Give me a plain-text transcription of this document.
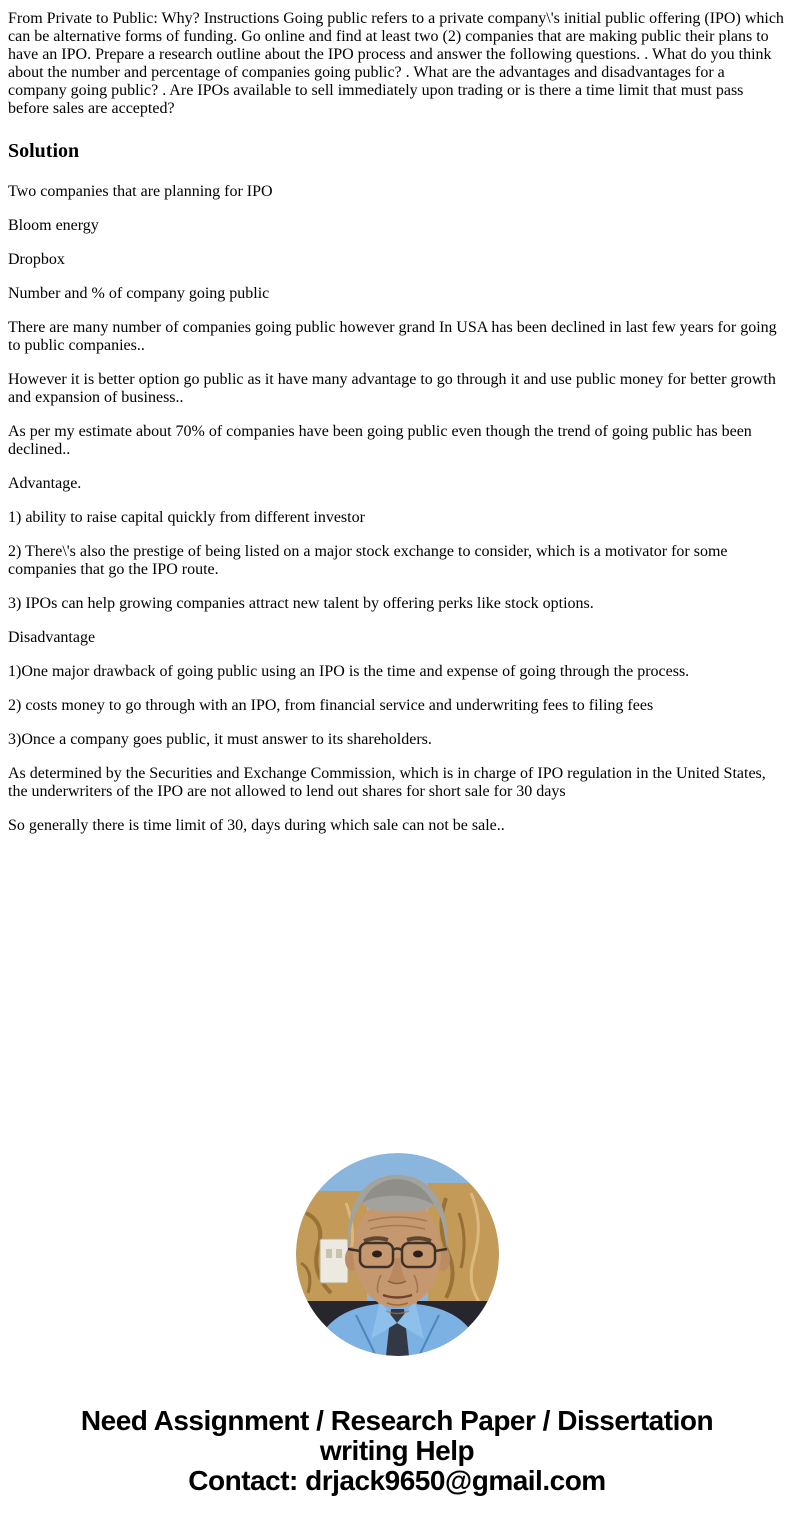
From Private to Public: Why? Instructions Going public refers to a private company\'s initial public offering (IPO) which can be alternative forms of funding. Go online and find at least two (2) companies that are making public their plans to have an IPO. Prepare a research outline about the IPO process and answer the following questions. . What do you think about the number and percentage of companies going public? . What are the advantages and disadvantages for a company going public? . Are IPOs available to sell immediately upon trading or is there a time limit that must pass before sales are accepted?

Solution

Two companies that are planning for IPO

Bloom energy

Dropbox

Number and % of company going public

There are many number of companies going public however grand In USA has been declined in last few years for going to public companies..

However it is better option go public as it have many advantage to go through it and use public money for better growth and expansion of business..

As per my estimate about 70% of companies have been going public even though the trend of going public has been declined..

Advantage.

1) ability to raise capital quickly from different investor

2) There\'s also the prestige of being listed on a major stock exchange to consider, which is a motivator for some companies that go the IPO route.

3) IPOs can help growing companies attract new talent by offering perks like stock options.

Disadvantage

1)One major drawback of going public using an IPO is the time and expense of going through the process.

2) costs money to go through with an IPO, from financial service and underwriting fees to filing fees

3)Once a company goes public, it must answer to its shareholders.

As determined by the Securities and Exchange Commission, which is in charge of IPO regulation in the United States, the underwriters of the IPO are not allowed to lend out shares for short sale for 30 days

So generally there is time limit of 30, days during which sale can not be sale..

Need Assignment / Research Paper / Dissertation
writing Help
Contact: drjack9650@gmail.com
